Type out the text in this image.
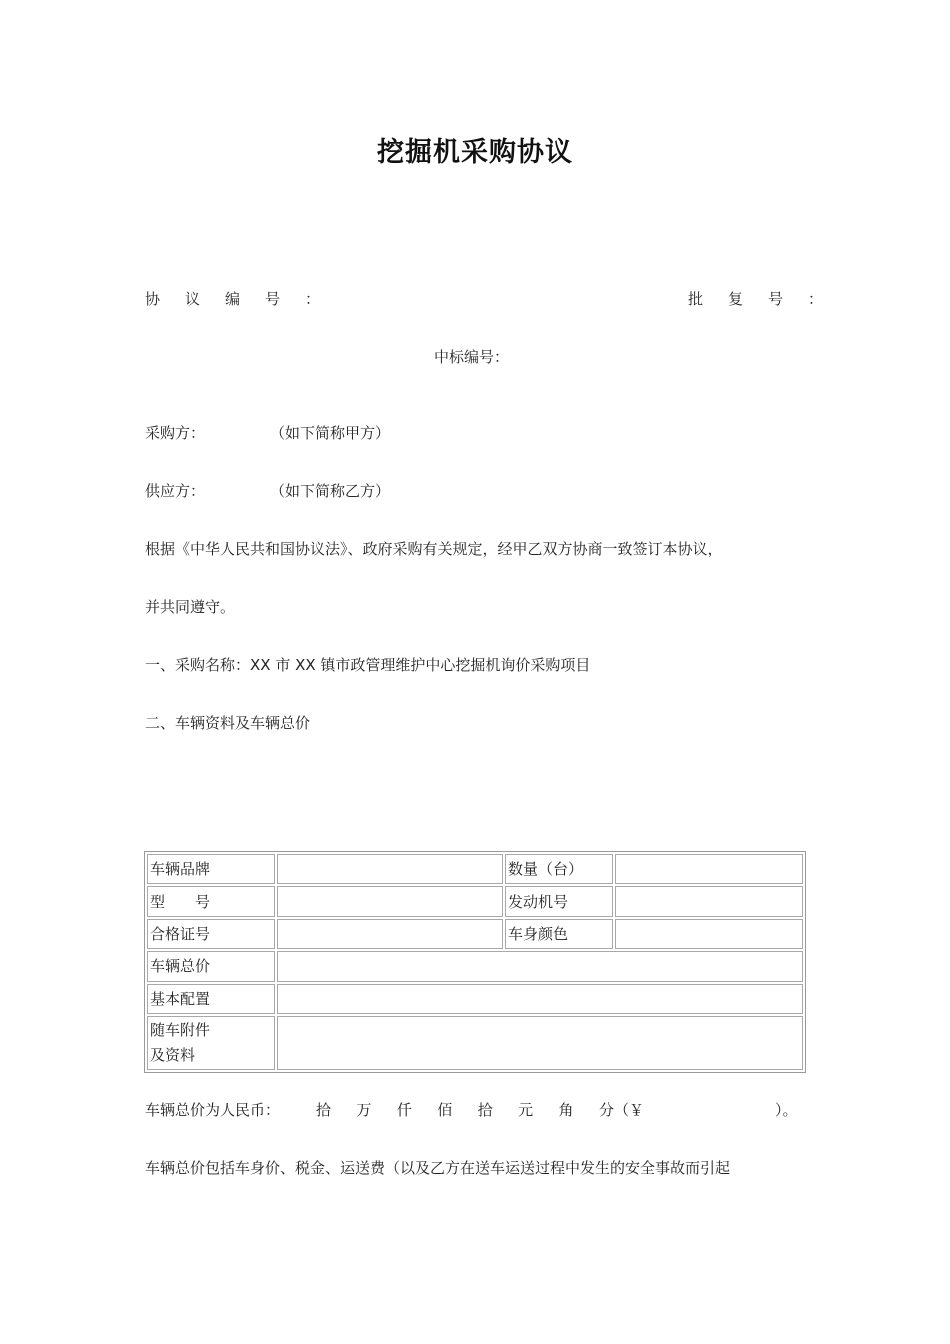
挖掘机采购协议
协 议 编 号 ：	批 复 号 ：
中标编号：
采购方：	（如下简称甲方）
供应方：	（如下简称乙方）
根据《中华人民共和国协议法》、政府采购有关规定，经甲乙双方协商一致签订本协议，
并共同遵守。
一、采购名称：XX 市 XX 镇市政管理维护中心挖掘机询价采购项目
二、车辆资料及车辆总价
车辆品牌		数量（台）	
型　　号		发动机号	
合格证号		车身颜色	
车辆总价			
基本配置			

随车附件
及资料			

车辆总价为人民币： 拾 万 仟 佰 拾 元 角 分（￥	）。
车辆总价包括车身价、税金、运送费（以及乙方在送车运送过程中发生的安全事故而引起
